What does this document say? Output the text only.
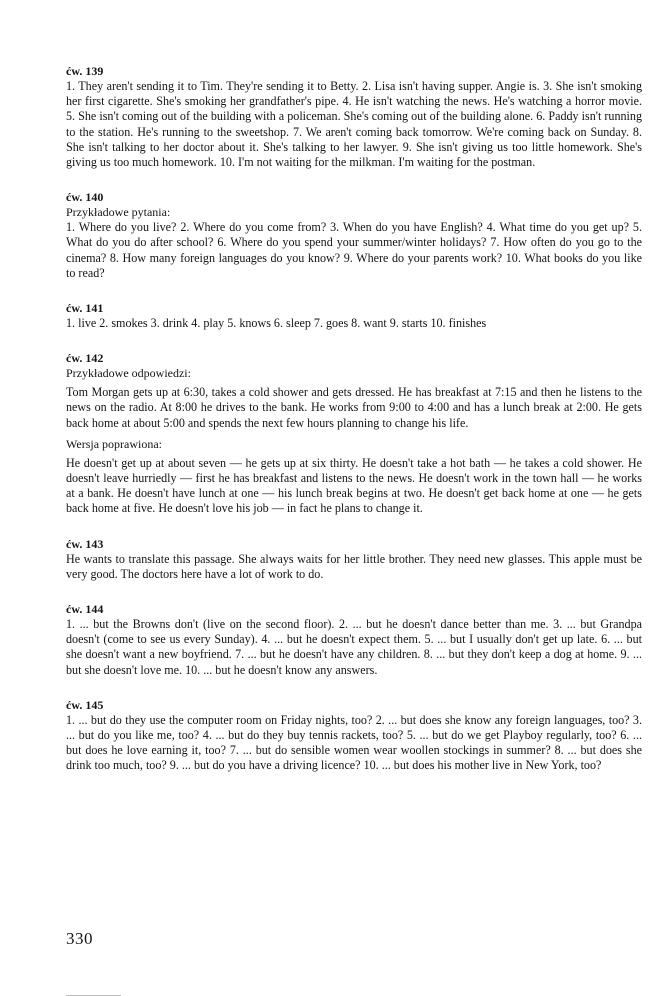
ćw. 139

1. They aren't sending it to Tim. They're sending it to Betty. 2. Lisa isn't having supper. Angie is. 3. She isn't smoking her first cigarette. She's smoking her grandfather's pipe. 4. He isn't watching the news. He's watching a horror movie. 5. She isn't coming out of the building with a policeman. She's coming out of the building alone. 6. Paddy isn't running to the station. He's running to the sweetshop. 7. We aren't coming back tomorrow. We're coming back on Sunday. 8. She isn't talking to her doctor about it. She's talking to her lawyer. 9. She isn't giving us too little homework. She's giving us too much homework. 10. I'm not waiting for the milkman. I'm waiting for the postman.

ćw. 140

Przykładowe pytania:

1. Where do you live? 2. Where do you come from? 3. When do you have English? 4. What time do you get up? 5. What do you do after school? 6. Where do you spend your summer/winter holidays? 7. How often do you go to the cinema? 8. How many foreign languages do you know? 9. Where do your parents work? 10. What books do you like to read?

ćw. 141

1. live 2. smokes 3. drink 4. play 5. knows 6. sleep 7. goes 8. want 9. starts 10. finishes

ćw. 142

Przykładowe odpowiedzi:

Tom Morgan gets up at 6:30, takes a cold shower and gets dressed. He has breakfast at 7:15 and then he listens to the news on the radio. At 8:00 he drives to the bank. He works from 9:00 to 4:00 and has a lunch break at 2:00. He gets back home at about 5:00 and spends the next few hours planning to change his life.

Wersja poprawiona:

He doesn't get up at about seven — he gets up at six thirty. He doesn't take a hot bath — he takes a cold shower. He doesn't leave hurriedly — first he has breakfast and listens to the news. He doesn't work in the town hall — he works at a bank. He doesn't have lunch at one — his lunch break begins at two. He doesn't get back home at one — he gets back home at five. He doesn't love his job — in fact he plans to change it.

ćw. 143

He wants to translate this passage. She always waits for her little brother. They need new glasses. This apple must be very good. The doctors here have a lot of work to do.

ćw. 144

1. ... but the Browns don't (live on the second floor). 2. ... but he doesn't dance better than me. 3. ... but Grandpa doesn't (come to see us every Sunday). 4. ... but he doesn't expect them. 5. ... but I usually don't get up late. 6. ... but she doesn't want a new boyfriend. 7. ... but he doesn't have any children. 8. ... but they don't keep a dog at home. 9. ... but she doesn't love me. 10. ... but he doesn't know any answers.

ćw. 145

1. ... but do they use the computer room on Friday nights, too? 2. ... but does she know any foreign languages, too? 3. ... but do you like me, too? 4. ... but do they buy tennis rackets, too? 5. ... but do we get Playboy regularly, too? 6. ... but does he love earning it, too? 7. ... but do sensible women wear woollen stockings in summer? 8. ... but does she drink too much, too? 9. ... but do you have a driving licence? 10. ... but does his mother live in New York, too?

330
